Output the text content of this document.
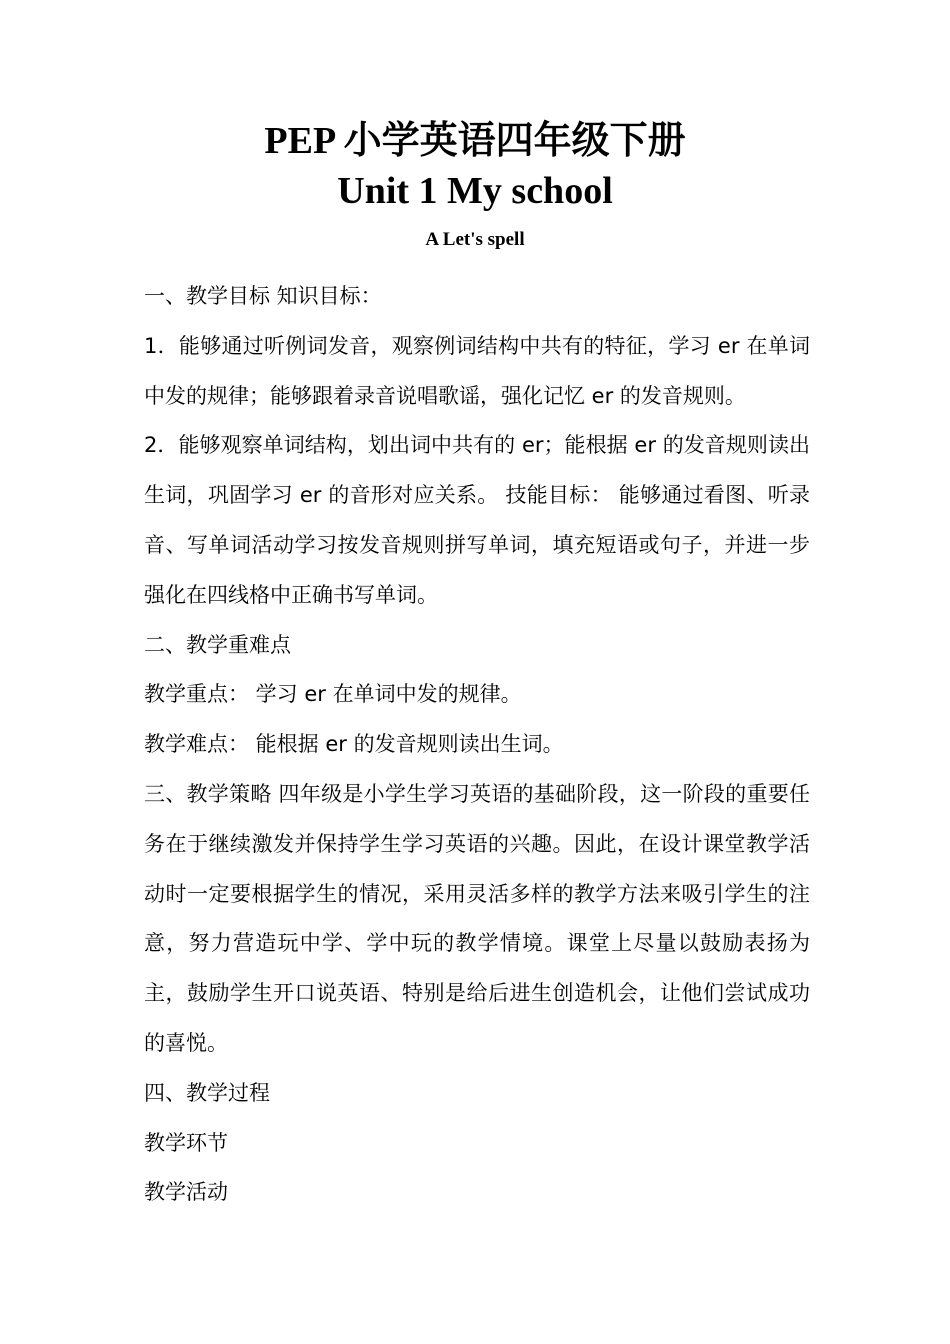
PEP 小学英语四年级下册
Unit 1 My school
A Let's spell

一、教学目标 知识目标：

1．能够通过听例词发音，观察例词结构中共有的特征，学习 er 在单词中发的规律；能够跟着录音说唱歌谣，强化记忆 er 的发音规则。

2．能够观察单词结构，划出词中共有的 er；能根据 er 的发音规则读出生词，巩固学习 er 的音形对应关系。 技能目标： 能够通过看图、听录音、写单词活动学习按发音规则拼写单词，填充短语或句子，并进一步强化在四线格中正确书写单词。

二、教学重难点

教学重点： 学习 er 在单词中发的规律。

教学难点： 能根据 er 的发音规则读出生词。

三、教学策略 四年级是小学生学习英语的基础阶段，这一阶段的重要任务在于继续激发并保持学生学习英语的兴趣。因此，在设计课堂教学活动时一定要根据学生的情况，采用灵活多样的教学方法来吸引学生的注意，努力营造玩中学、学中玩的教学情境。课堂上尽量以鼓励表扬为主，鼓励学生开口说英语、特别是给后进生创造机会，让他们尝试成功的喜悦。

四、教学过程

教学环节

教学活动
